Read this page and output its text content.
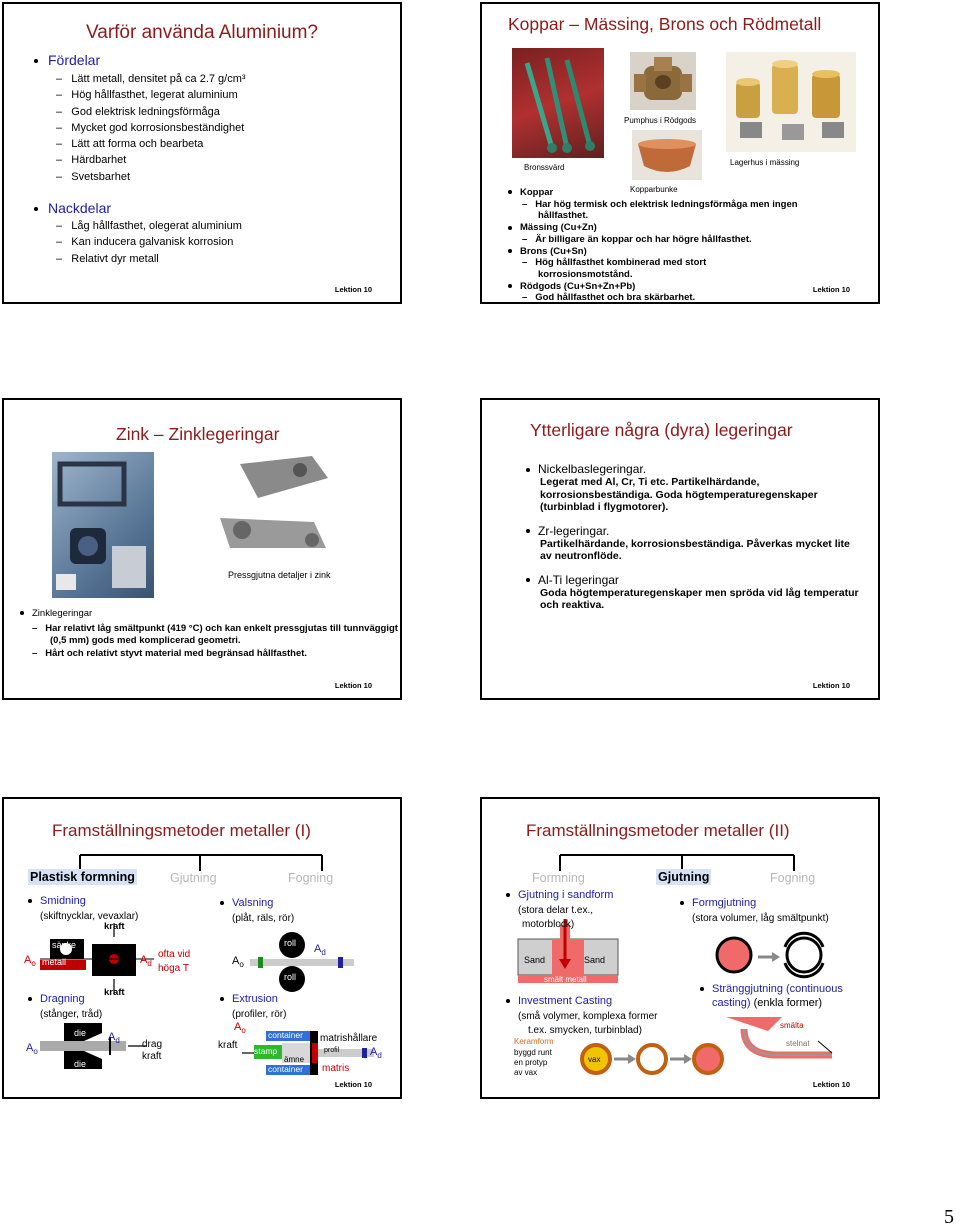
Varför använda Aluminium?
Fördelar
–   Lätt metall, densitet på ca 2.7 g/cm³
–   Hög hållfasthet, legerat aluminium
–   God elektrisk ledningsförmåga
–   Mycket god korrosionsbeständighet
–   Lätt att forma och bearbeta
–   Härdbarhet
–   Svetsbarhet
Nackdelar
–   Låg hållfasthet, olegerat aluminium
–   Kan inducera galvanisk korrosion
–   Relativt dyr metall
Lektion 10
Koppar – Mässing, Brons och Rödmetall
Bronssvärd
Pumphus i Rödgods
Kopparbunke
Lagerhus i mässing
Koppar
–   Har hög termisk och elektrisk ledningsförmåga men ingen hållfasthet.
Mässing (Cu+Zn)
–   Är billigare än koppar och har högre hållfasthet.
Brons (Cu+Sn)
–   Hög hållfasthet kombinerad med stort korrosionsmotstånd.
Rödgods (Cu+Sn+Zn+Pb)
–   God hållfasthet och bra skärbarhet.
Lektion 10
Zink – Zinklegeringar
Pressgjutna detaljer i zink
Zinklegeringar
–   Har relativt låg smältpunkt (419 °C) och kan enkelt pressgjutas till tunnväggigt (0,5 mm) gods med komplicerad geometri.
–   Hårt och relativt styvt material med begränsad hållfasthet.
Lektion 10
Ytterligare några (dyra) legeringar
Nickelbaslegeringar.
Legerat med Al, Cr, Ti etc. Partikelhärdande, korrosionsbeständiga. Goda högtemperaturegenskaper (turbinblad i flygmotorer).
Zr-legeringar.
Partikelhärdande, korrosionsbeständiga. Påverkas mycket lite av neutronflöde.
Al-Ti legeringar
Goda högtemperaturegenskaper men spröda vid låg temperatur och reaktiva.
Lektion 10
Framställningsmetoder metaller (I)
Plastisk formning	Gjutning	Fogning
Smidning
(skiftnycklar, vevaxlar)
kraft
sänke
metall
$A_o$	$A_d$
ofta vid
höga T
kraft
Dragning
(stånger, tråd)
die
die
$A_o$
$A_d$ drag
kraft
Valsning
(plåt, räls, rör)
roll
roll
$A_o$
$A_d$
Extrusion
(profiler, rör)
$A_o$
kraft
container
container
stamp
ämne
matrishållare
profil	$A_d$
matris
Lektion 10
Framställningsmetoder metaller (II)
Formning	Gjutning	Fogning
Gjutning i sandform
(stora delar t.ex.,
motorblock)
Sand	Sand
smält metall
Investment Casting
(små volymer, komplexa former
t.ex. smycken, turbinblad)
Keramform
byggd runt
en protyp
av vax
vax
Formgjutning
(stora volumer, låg smältpunkt)
Stränggjutning (continuous
casting) (enkla former)
smälta
stelnat
Lektion 10
5
